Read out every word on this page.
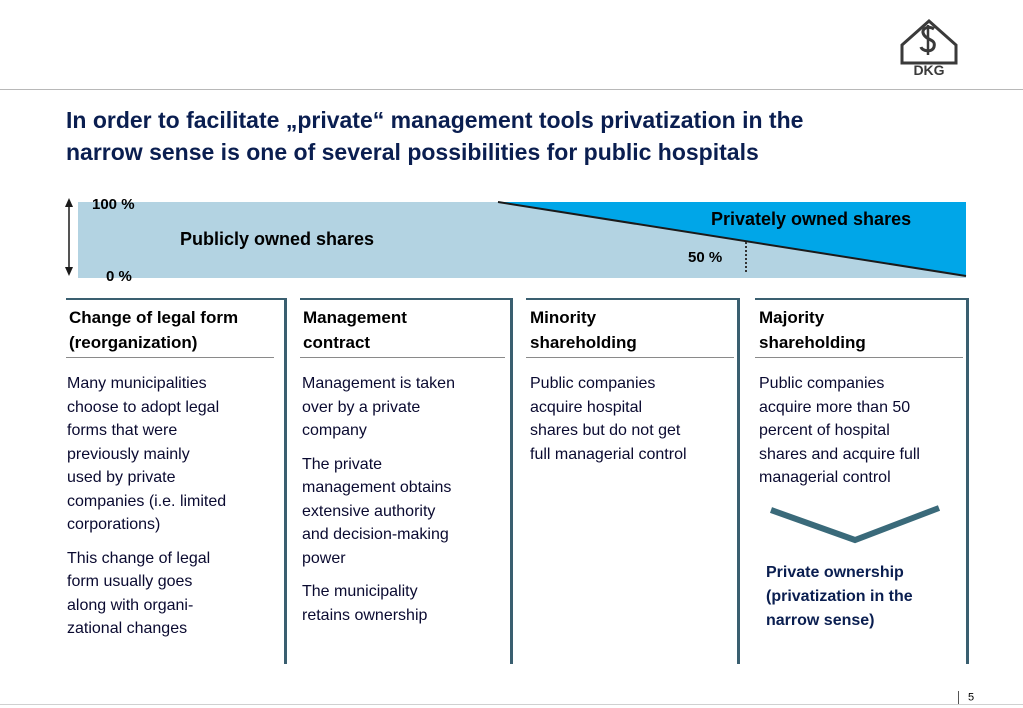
DKG
In order to facilitate „private“ management tools privatization in the
narrow sense is one of several possibilities for public hospitals
100 %
0 %
50 %
Publicly owned shares
Privately owned shares
Change of legal form
(reorganization)

Many municipalities
choose to adopt legal
forms that were
previously mainly
used by private
companies (i.e. limited
corporations)

This change of legal
form usually goes
along with organi-
zational changes

Management
contract

Management is taken
over by a private
company

The private
management obtains
extensive authority
and decision-making
power

The municipality
retains ownership

Minority
shareholding

Public companies
acquire hospital
shares but do not get
full managerial control

Majority
shareholding

Public companies
acquire more than 50
percent of hospital
shares and acquire full
managerial control

Private ownership
(privatization in the
narrow sense)
5
